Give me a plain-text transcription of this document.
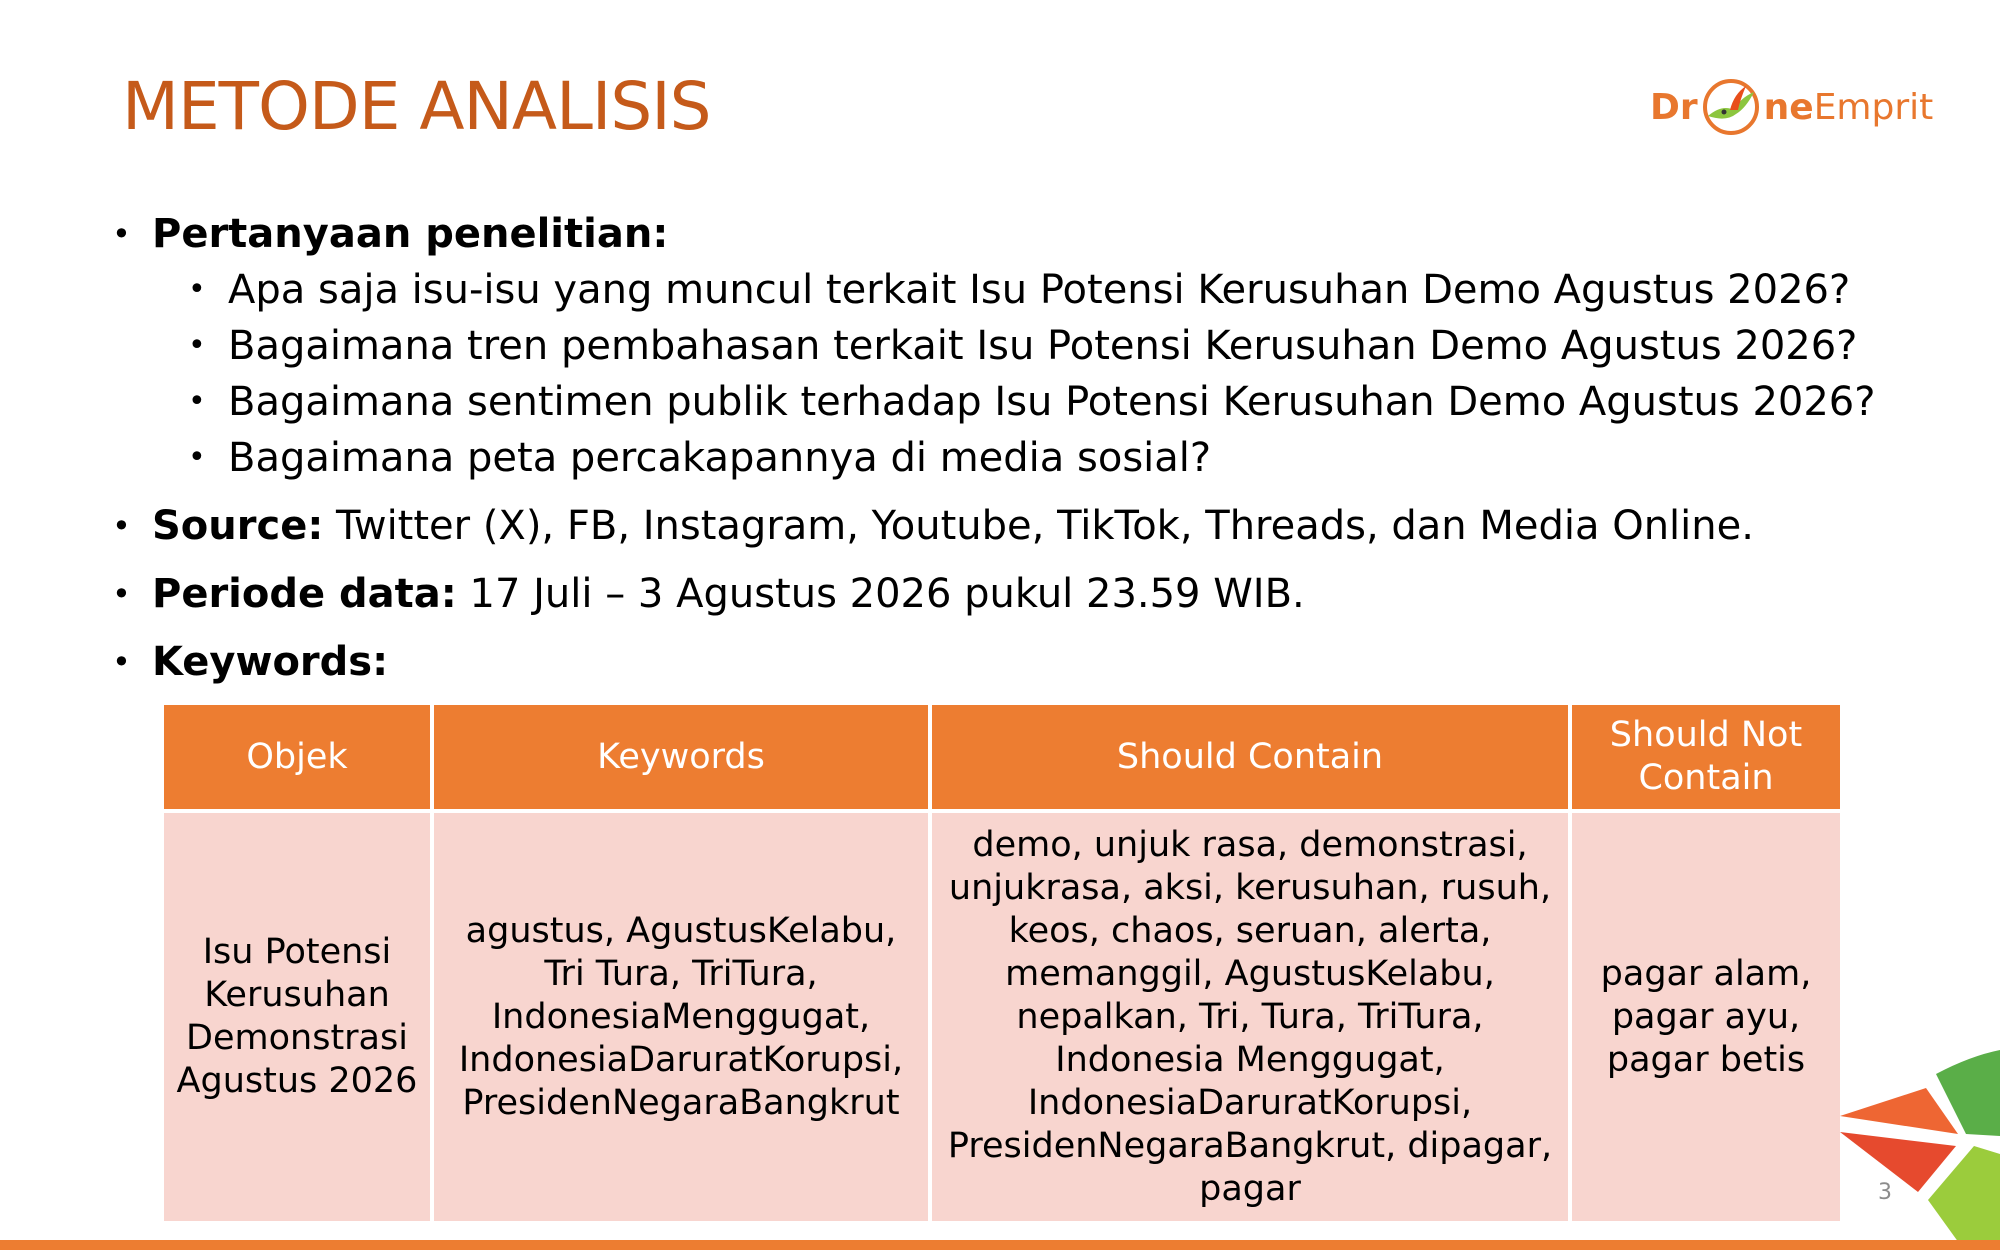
METODE ANALISIS	Dr ne Emprit
• Pertanyaan penelitian:
• Apa saja isu-isu yang muncul terkait Isu Potensi Kerusuhan Demo Agustus 2026?
• Bagaimana tren pembahasan terkait Isu Potensi Kerusuhan Demo Agustus 2026?
• Bagaimana sentimen publik terhadap Isu Potensi Kerusuhan Demo Agustus 2026?
• Bagaimana peta percakapannya di media sosial?
• Source: Twitter (X), FB, Instagram, Youtube, TikTok, Threads, dan Media Online.
• Periode data: 17 Juli – 3 Agustus 2026 pukul 23.59 WIB.
• Keywords:
Objek	Keywords	Should Contain	Should Not Contain
Isu Potensi Kerusuhan Demonstrasi Agustus 2026	agustus, AgustusKelabu, Tri Tura, TriTura, IndonesiaMenggugat, IndonesiaDaruratKorupsi, PresidenNegaraBangkrut	demo, unjuk rasa, demonstrasi, unjukrasa, aksi, kerusuhan, rusuh, keos, chaos, seruan, alerta, memanggil, AgustusKelabu, nepalkan, Tri, Tura, TriTura, Indonesia Menggugat, IndonesiaDaruratKorupsi, PresidenNegaraBangkrut, dipagar, pagar	pagar alam, pagar ayu, pagar betis
3
